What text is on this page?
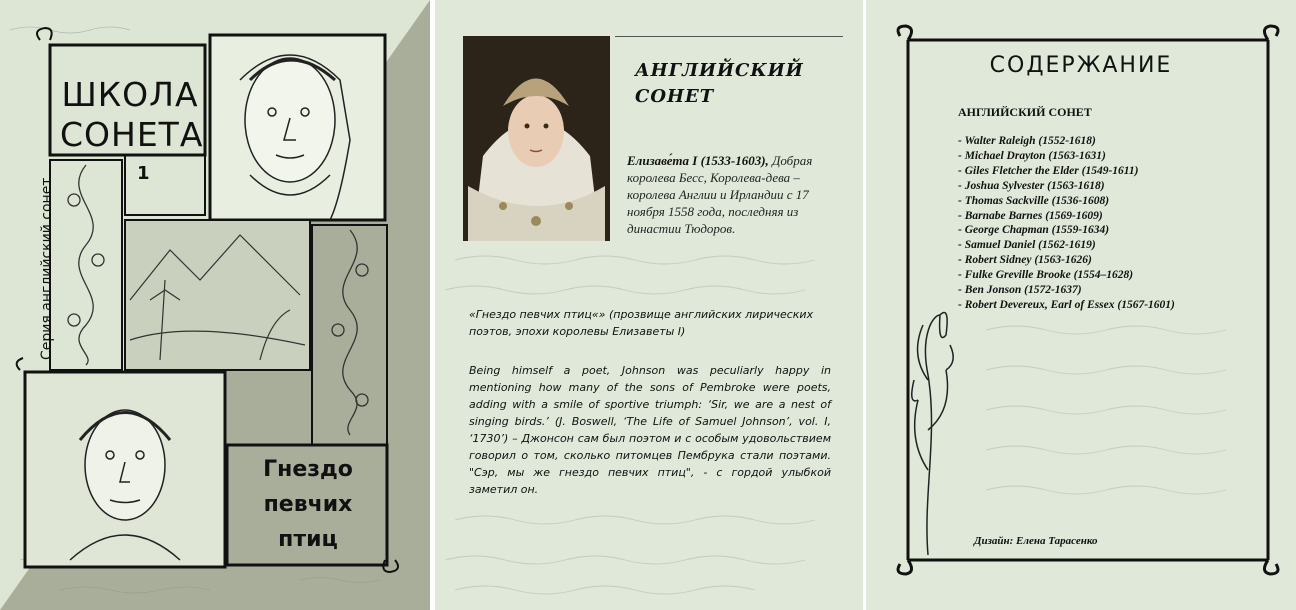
ШКОЛА
СОНЕТА
1
Серия английский сонет
Гнездо
певчих
птиц
АНГЛИЙСКИЙ
СОНЕТ
Елизаве́та I (1533-1603), Добрая королева Бесс, Королева-дева – королева Англии и Ирландии с 17 ноября 1558 года, последняя из династии Тюдоров.
«Гнездо певчих птиц«» (прозвище английских лирических поэтов, эпохи королевы Елизаветы I)
Being himself a poet, Johnson was peculiarly happy in mentioning how many of the sons of Pembroke were poets, adding with a smile of sportive triumph: ‘Sir, we are a nest of singing birds.’ (J. Boswell, ‘The Life of Samuel Johnson’, vol. I, ‘1730’) – Джонсон сам был поэтом и с особым удовольствием говорил о том, сколько питомцев Пембрука стали поэтами. "Сэр, мы же гнездо певчих птиц", - с гордой улыбкой заметил он.
СОДЕРЖАНИЕ
АНГЛИЙСКИЙ СОНЕТ
- Walter Raleigh (1552-1618)
- Michael Drayton (1563-1631)
- Giles Fletcher the Elder (1549-1611)
- Joshua Sylvester (1563-1618)
- Thomas Sackville (1536-1608)
- Barnabe Barnes (1569-1609)
- George Chapman (1559-1634)
- Samuel Daniel (1562-1619)
- Robert Sidney (1563-1626)
- Fulke Greville Brooke (1554–1628)
- Ben Jonson (1572-1637)
- Robert Devereux, Earl of Essex (1567-1601)
Дизайн: Елена Тарасенко
